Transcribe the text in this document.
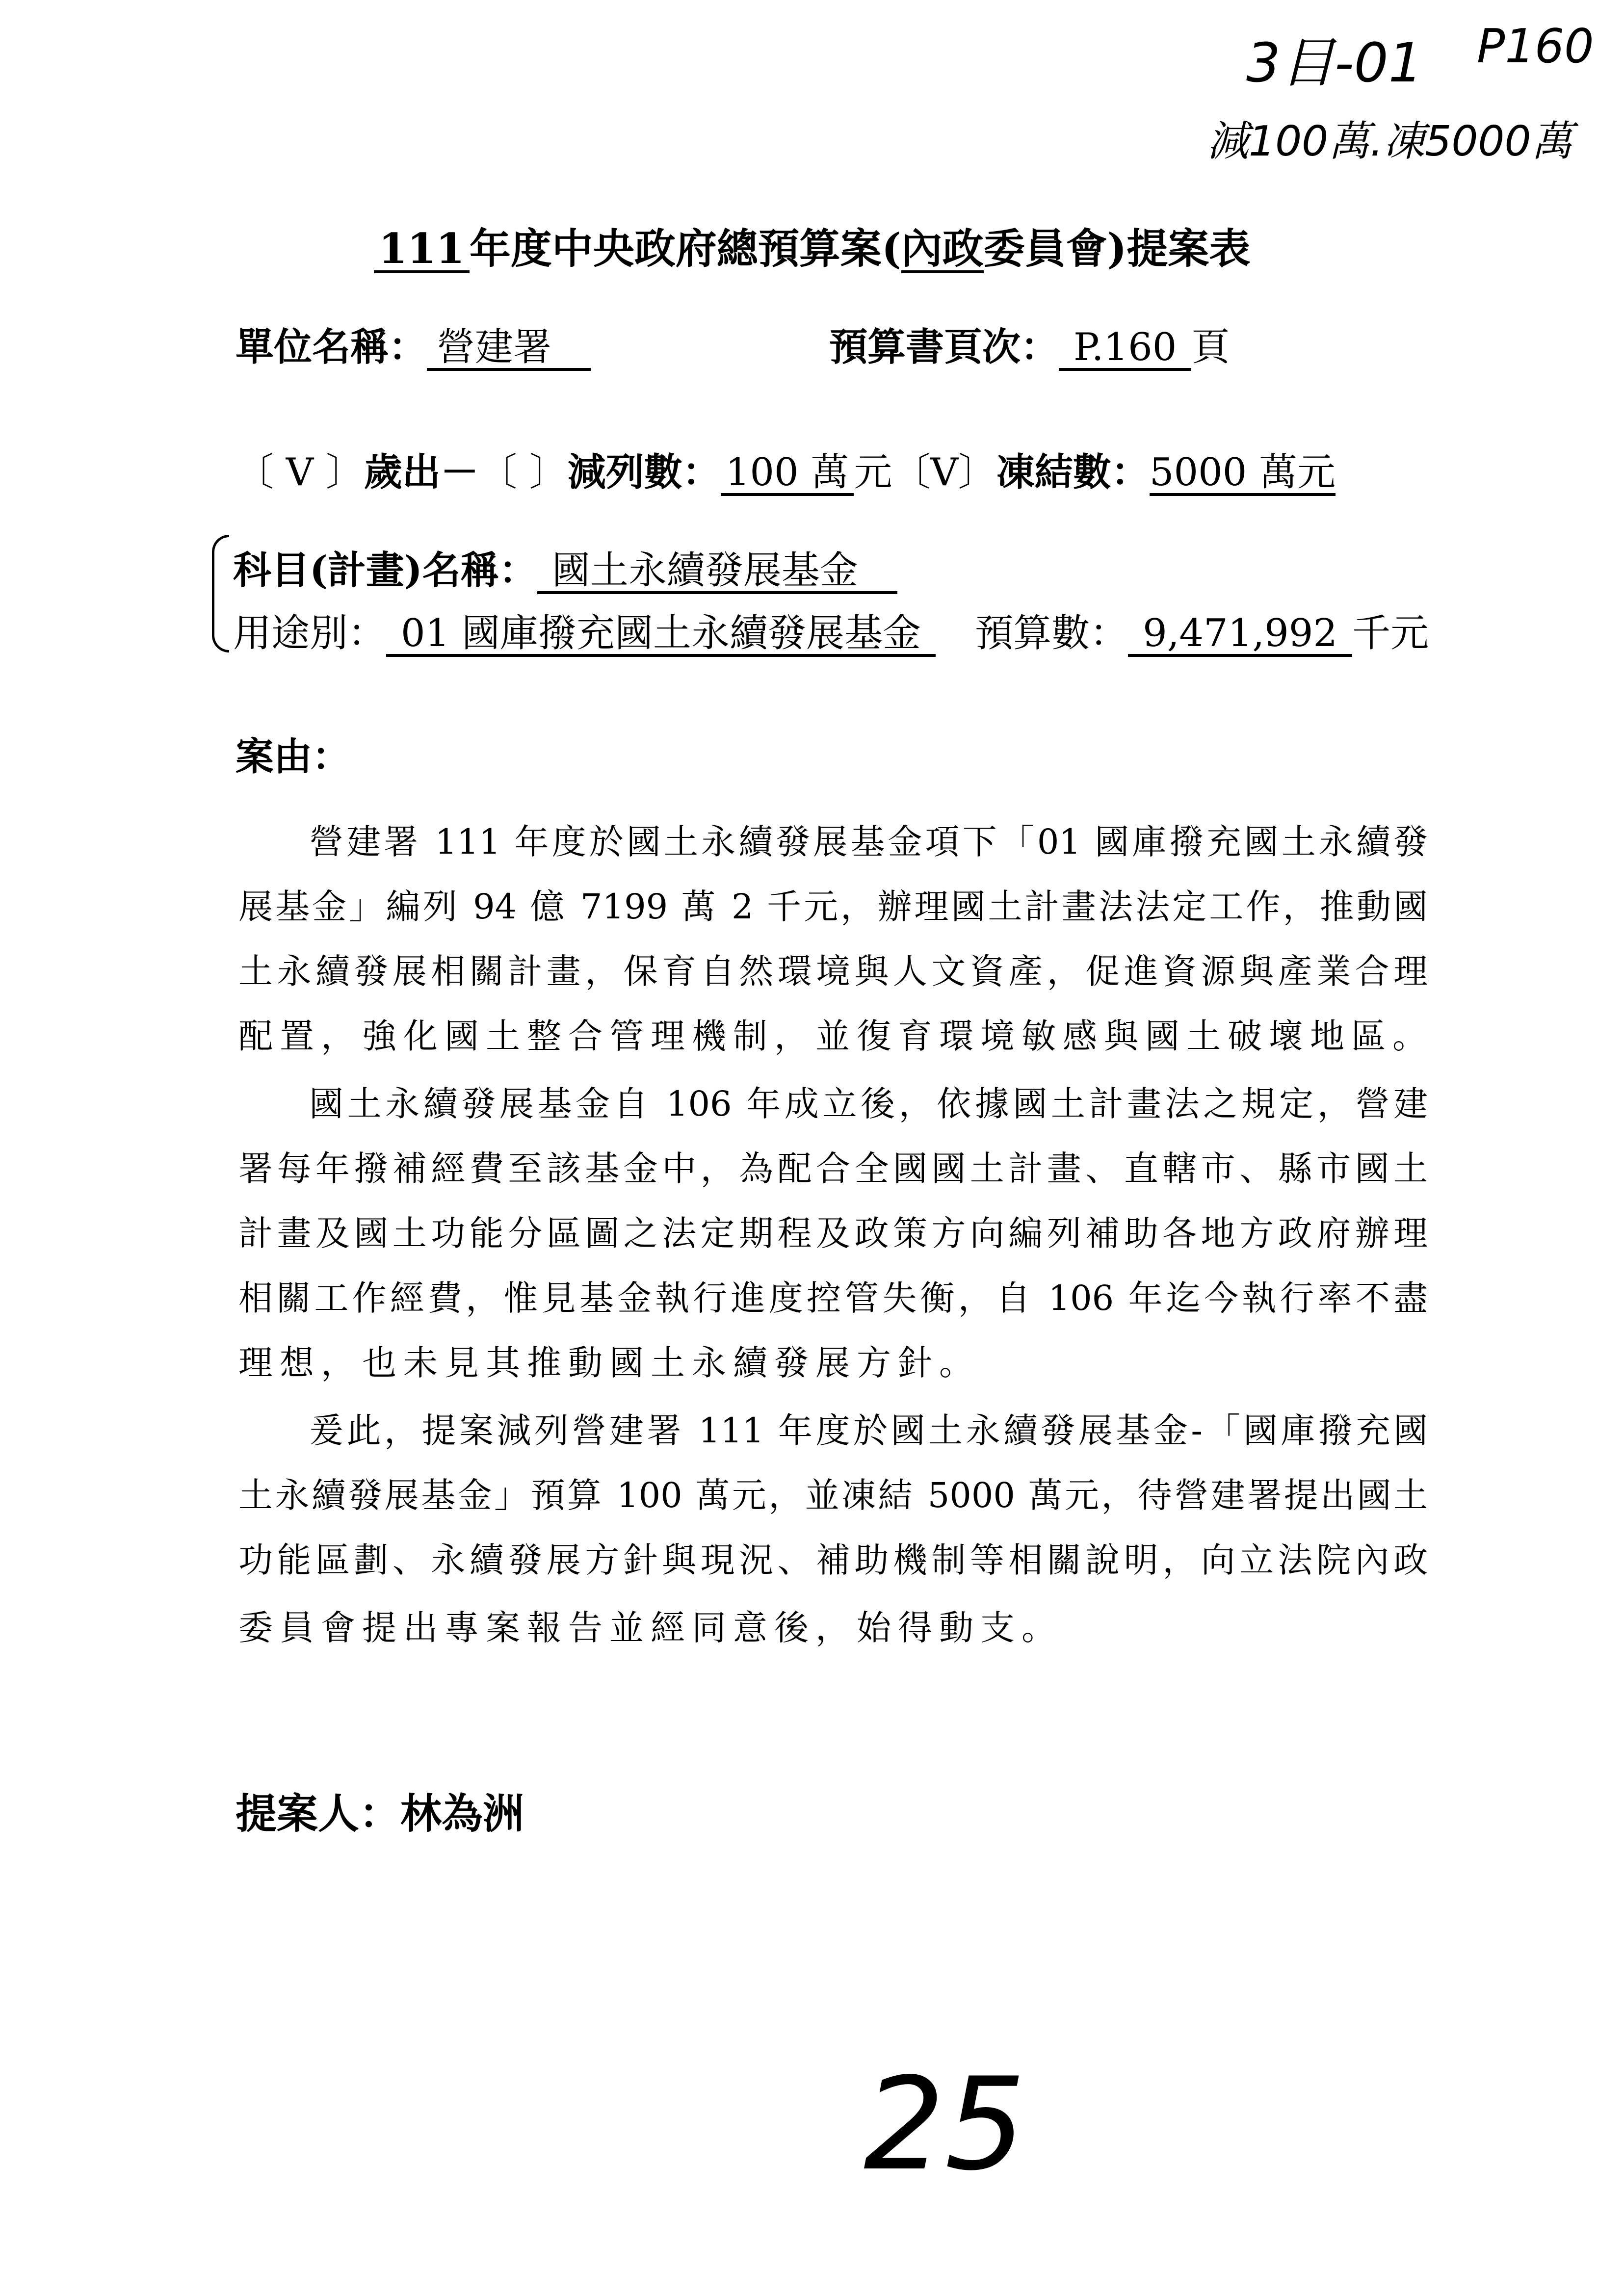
3目-01 P160
減100萬.凍5000萬
111 年度中央政府總預算案(內政委員會)提案表
單位名稱： 營建署	預算書頁次： P.160 頁
〔 V 〕歲出－〔 〕減列數： 100 萬 元〔V〕凍結數：5000 萬元
科目(計畫)名稱： 國土永續發展基金
用途別： 01 國庫撥充國土永續發展基金 預算數： 9,471,992 千元
案由：
營建署 111 年度於國土永續發展基金項下「01 國庫撥充國土永續發
展基金」編列 94 億 7199 萬 2 千元，辦理國土計畫法法定工作，推動國
土永續發展相關計畫，保育自然環境與人文資產，促進資源與產業合理
配置，強化國土整合管理機制，並復育環境敏感與國土破壞地區。
國土永續發展基金自 106 年成立後，依據國土計畫法之規定，營建
署每年撥補經費至該基金中，為配合全國國土計畫、直轄市、縣市國土
計畫及國土功能分區圖之法定期程及政策方向編列補助各地方政府辦理
相關工作經費，惟見基金執行進度控管失衡，自 106 年迄今執行率不盡
理想，也未見其推動國土永續發展方針。
爰此，提案減列營建署 111 年度於國土永續發展基金-「國庫撥充國
土永續發展基金」預算 100 萬元，並凍結 5000 萬元，待營建署提出國土
功能區劃、永續發展方針與現況、補助機制等相關說明，向立法院內政
委員會提出專案報告並經同意後，始得動支。
提案人：林為洲
25
